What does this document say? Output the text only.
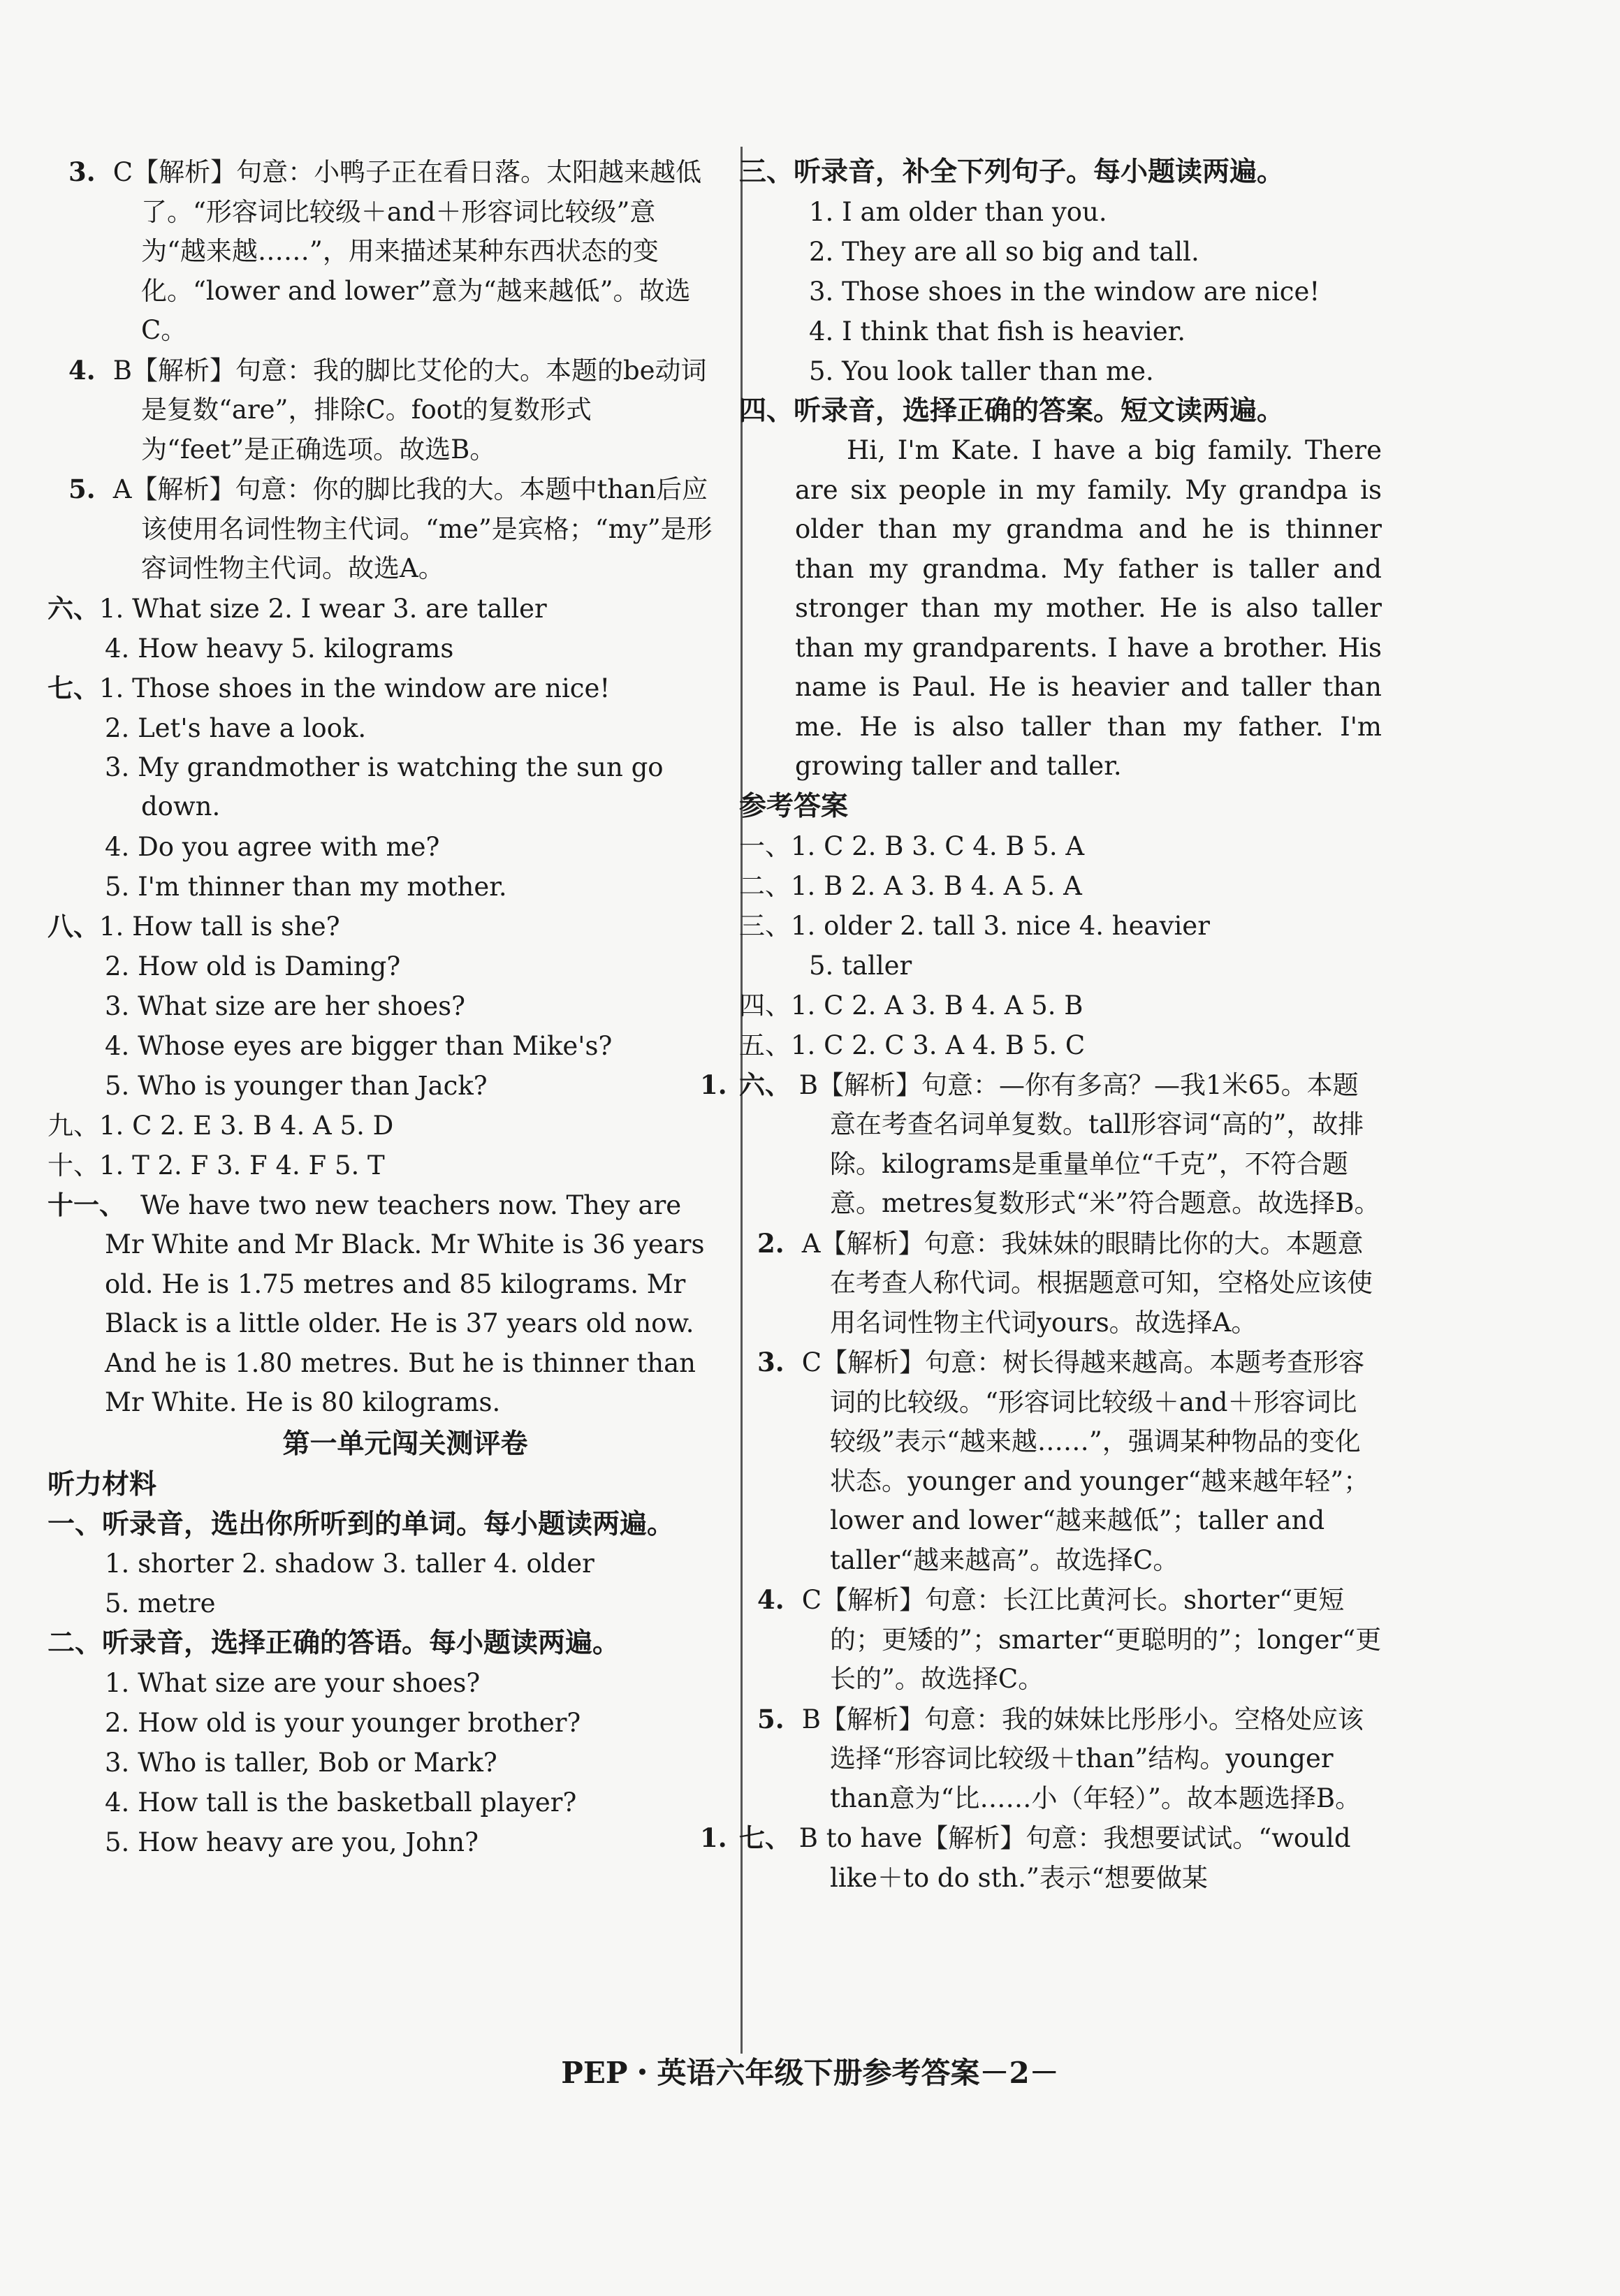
3. C【解析】句意：小鸭子正在看日落。太阳越来越低了。“形容词比较级＋and＋形容词比较级”意为“越来越……”，用来描述某种东西状态的变化。“lower and lower”意为“越来越低”。故选C。
4. B【解析】句意：我的脚比艾伦的大。本题的be动词是复数“are”，排除C。foot的复数形式为“feet”是正确选项。故选B。
5. A【解析】句意：你的脚比我的大。本题中than后应该使用名词性物主代词。“me”是宾格；“my”是形容词性物主代词。故选A。
六、1. What size 2. I wear 3. are taller
4. How heavy 5. kilograms
七、1. Those shoes in the window are nice!
2. Let's have a look.
3. My grandmother is watching the sun go down.
4. Do you agree with me?
5. I'm thinner than my mother.
八、1. How tall is she?
2. How old is Daming?
3. What size are her shoes?
4. Whose eyes are bigger than Mike's?
5. Who is younger than Jack?
九、1. C 2. E 3. B 4. A 5. D
十、1. T 2. F 3. F 4. F 5. T
十一、 We have two new teachers now. They are Mr White and Mr Black. Mr White is 36 years old. He is 1.75 metres and 85 kilograms. Mr Black is a little older. He is 37 years old now. And he is 1.80 metres. But he is thinner than Mr White. He is 80 kilograms.
第一单元闯关测评卷
听力材料
一、听录音，选出你所听到的单词。每小题读两遍。
1. shorter 2. shadow 3. taller 4. older
5. metre
二、听录音，选择正确的答语。每小题读两遍。
1. What size are your shoes?
2. How old is your younger brother?
3. Who is taller, Bob or Mark?
4. How tall is the basketball player?
5. How heavy are you, John?
三、听录音，补全下列句子。每小题读两遍。
1. I am older than you.
2. They are all so big and tall.
3. Those shoes in the window are nice!
4. I think that fish is heavier.
5. You look taller than me.
四、听录音，选择正确的答案。短文读两遍。
Hi, I'm Kate. I have a big family. There are six people in my family. My grandpa is older than my grandma and he is thinner than my grandma. My father is taller and stronger than my mother. He is also taller than my grandparents. I have a brother. His name is Paul. He is heavier and taller than me. He is also taller than my father. I'm growing taller and taller.
参考答案
一、1. C 2. B 3. C 4. B 5. A
二、1. B 2. A 3. B 4. A 5. A
三、1. older 2. tall 3. nice 4. heavier
5. taller
四、1. C 2. A 3. B 4. A 5. B
五、1. C 2. C 3. A 4. B 5. C
六、1.	B【解析】句意：—你有多高？—我1米65。本题意在考查名词单复数。tall形容词“高的”，故排除。kilograms是重量单位“千克”，不符合题意。metres复数形式“米”符合题意。故选择B。
2. A【解析】句意：我妹妹的眼睛比你的大。本题意在考查人称代词。根据题意可知，空格处应该使用名词性物主代词yours。故选择A。
3. C【解析】句意：树长得越来越高。本题考查形容词的比较级。“形容词比较级＋and＋形容词比较级”表示“越来越……”，强调某种物品的变化状态。younger and younger“越来越年轻”；lower and lower“越来越低”；taller and taller“越来越高”。故选择C。
4. C【解析】句意：长江比黄河长。shorter“更短的；更矮的”；smarter“更聪明的”；longer“更长的”。故选择C。
5. B【解析】句意：我的妹妹比彤彤小。空格处应该选择“形容词比较级＋than”结构。younger than意为“比……小（年轻）”。故本题选择B。
七、1.	B to have【解析】句意：我想要试试。“would like＋to do sth.”表示“想要做某
PEP・英语六年级下册参考答案－2－
